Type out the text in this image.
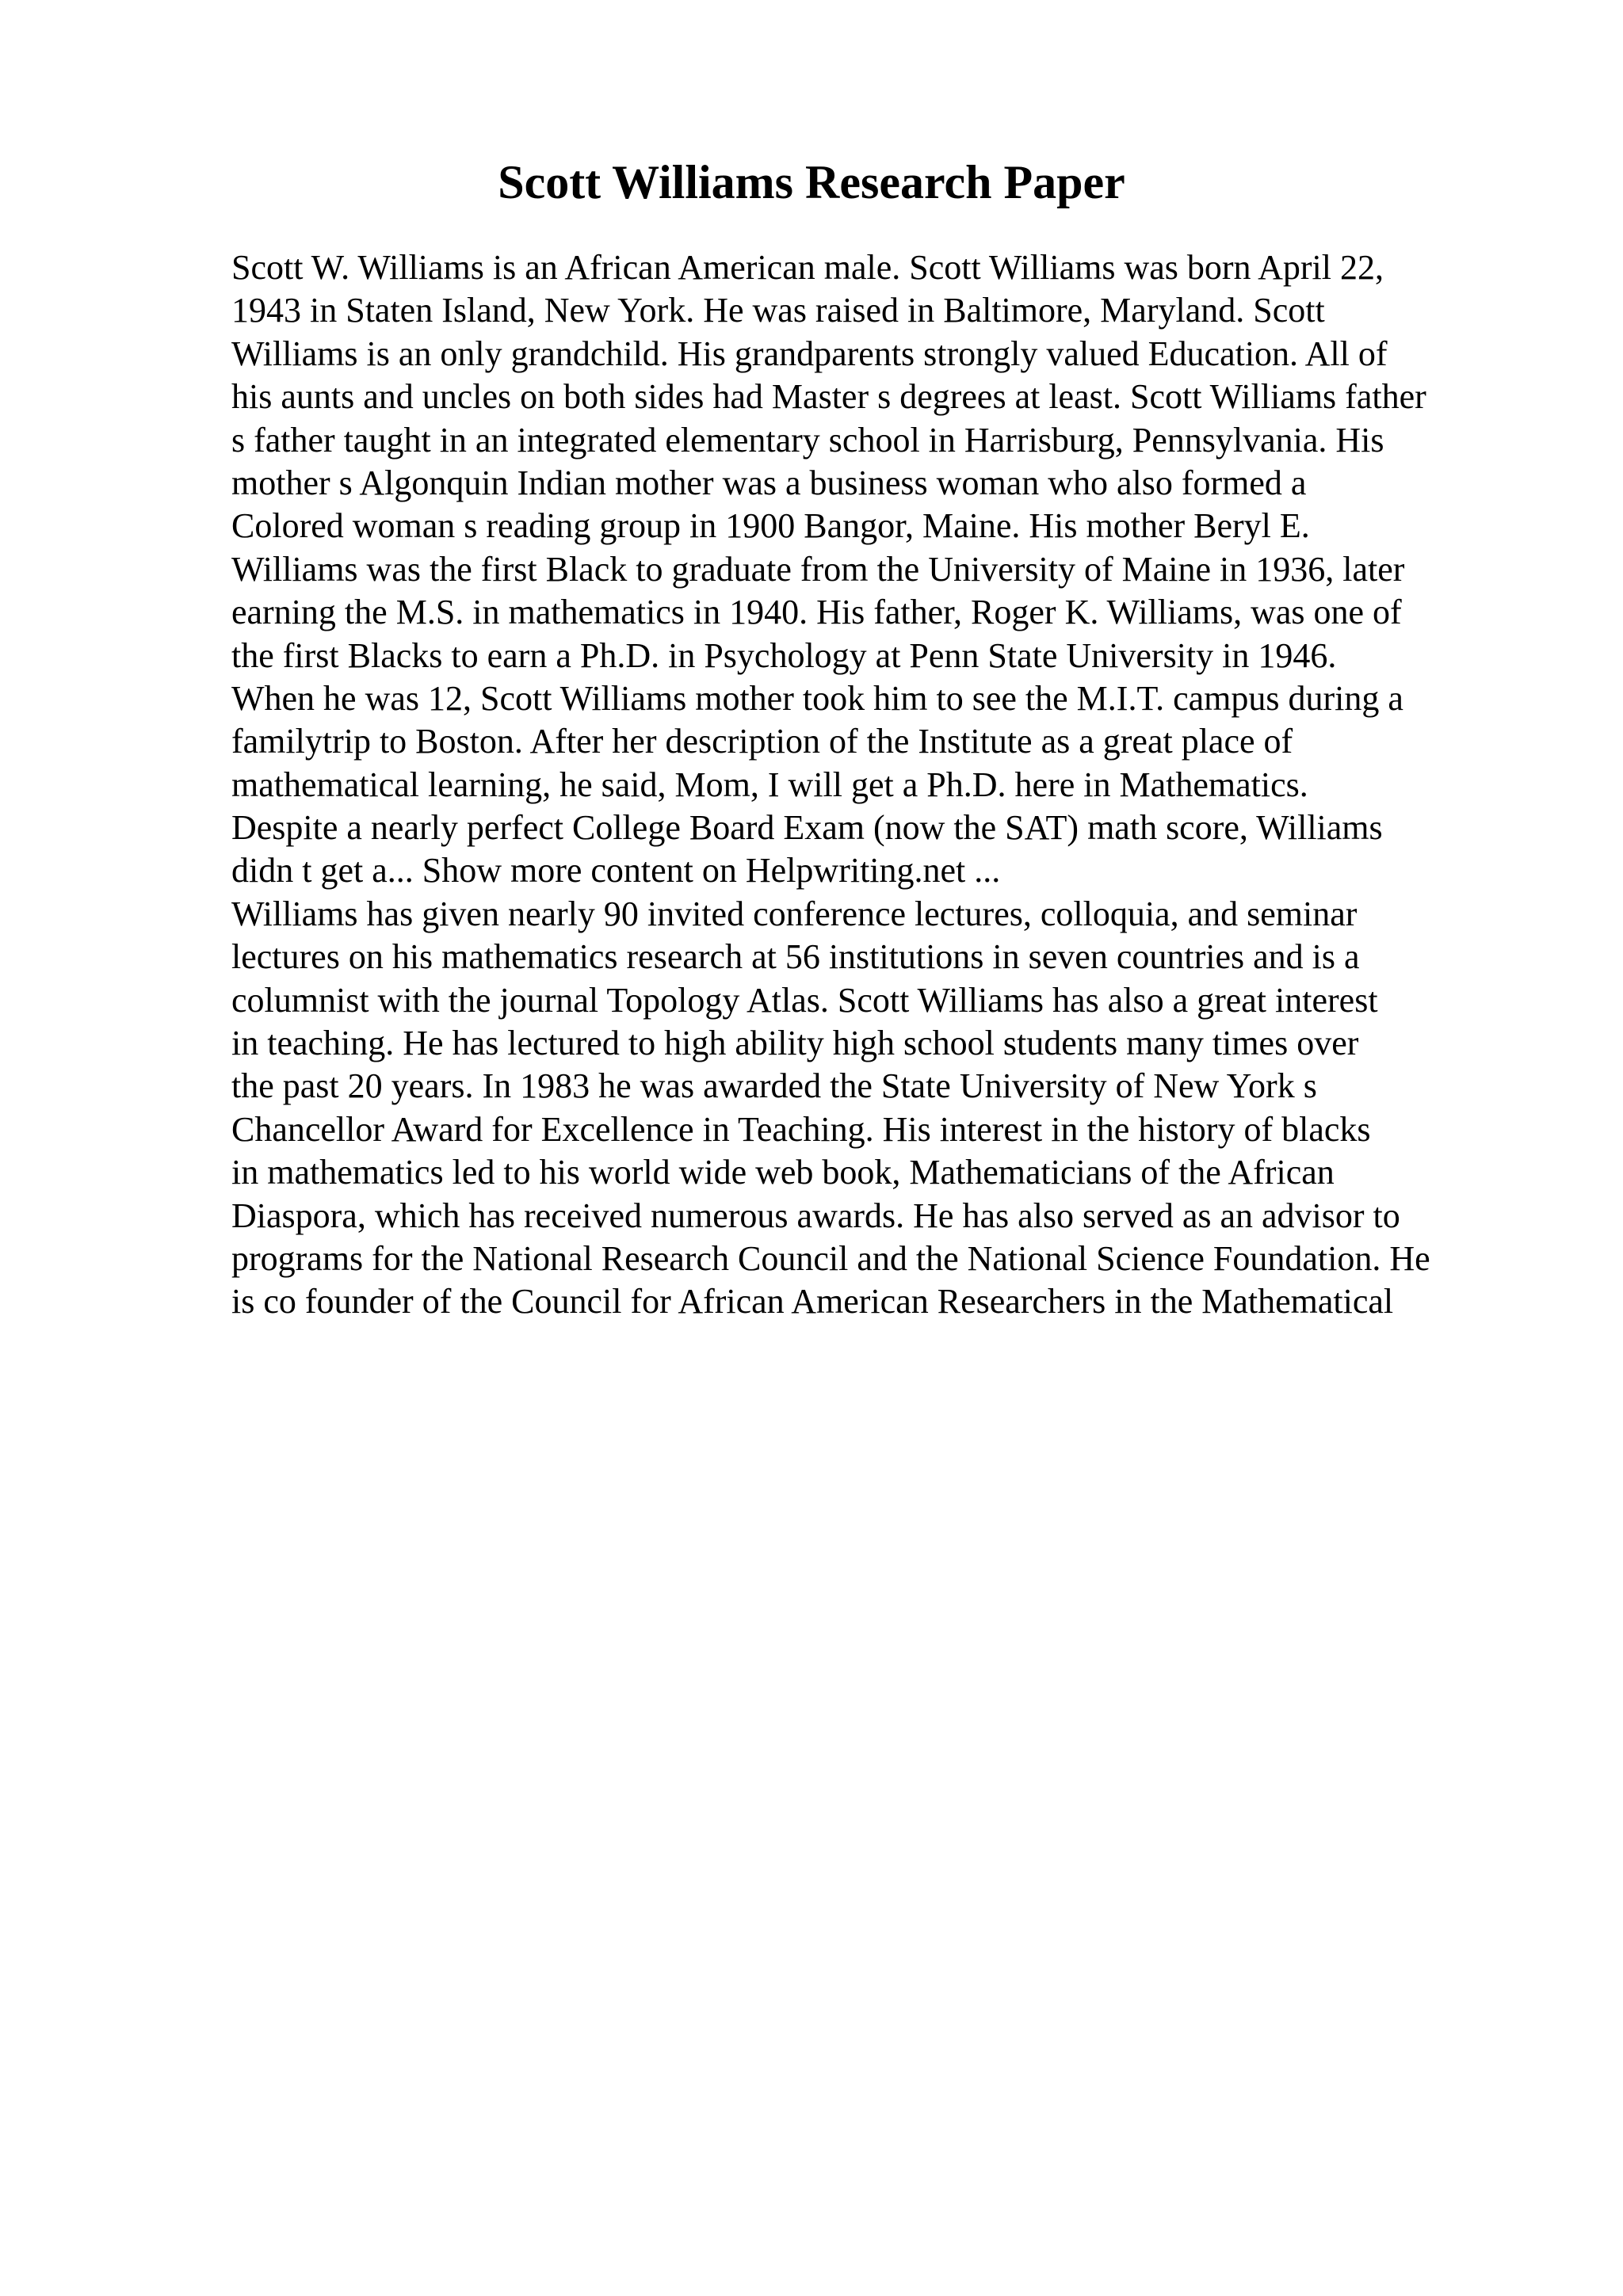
Scott Williams Research Paper
Scott W. Williams is an African American male. Scott Williams was born April 22,
1943 in Staten Island, New York. He was raised in Baltimore, Maryland. Scott
Williams is an only grandchild. His grandparents strongly valued Education. All of
his aunts and uncles on both sides had Master s degrees at least. Scott Williams father
s father taught in an integrated elementary school in Harrisburg, Pennsylvania. His
mother s Algonquin Indian mother was a business woman who also formed a
Colored woman s reading group in 1900 Bangor, Maine. His mother Beryl E.
Williams was the first Black to graduate from the University of Maine in 1936, later
earning the M.S. in mathematics in 1940. His father, Roger K. Williams, was one of
the first Blacks to earn a Ph.D. in Psychology at Penn State University in 1946.
When he was 12, Scott Williams mother took him to see the M.I.T. campus during a
familytrip to Boston. After her description of the Institute as a great place of
mathematical learning, he said, Mom, I will get a Ph.D. here in Mathematics.
Despite a nearly perfect College Board Exam (now the SAT) math score, Williams
didn t get a... Show more content on Helpwriting.net ...
Williams has given nearly 90 invited conference lectures, colloquia, and seminar
lectures on his mathematics research at 56 institutions in seven countries and is a
columnist with the journal Topology Atlas. Scott Williams has also a great interest
in teaching. He has lectured to high ability high school students many times over
the past 20 years. In 1983 he was awarded the State University of New York s
Chancellor Award for Excellence in Teaching. His interest in the history of blacks
in mathematics led to his world wide web book, Mathematicians of the African
Diaspora, which has received numerous awards. He has also served as an advisor to
programs for the National Research Council and the National Science Foundation. He
is co founder of the Council for African American Researchers in the Mathematical
